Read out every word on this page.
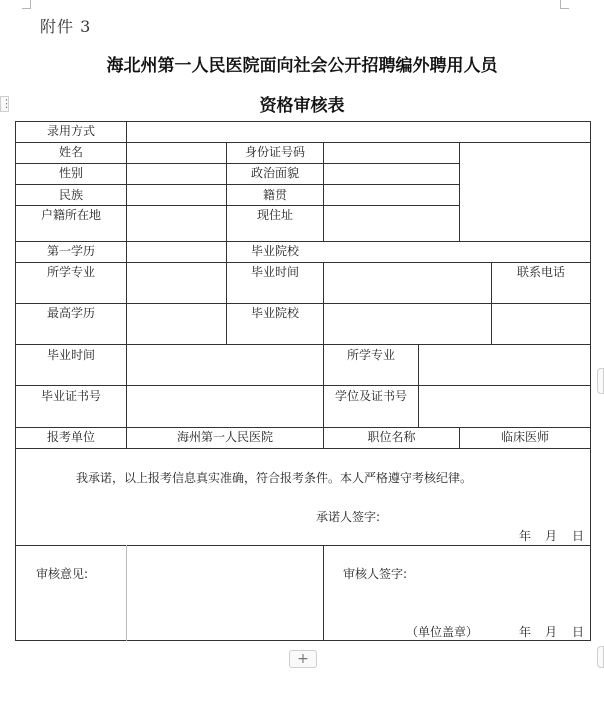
附件 3
海北州第一人民医院面向社会公开招聘编外聘用人员
资格审核表
⋮
录用方式
姓名	身份证号码
性别	政治面貌
民族	籍贯
户籍所在地	现住址
第一学历	毕业院校
所学专业	毕业时间	联系电话
最高学历	毕业院校
毕业时间	所学专业
毕业证书号	学位及证书号
报考单位	海州第一人民医院	职位名称	临床医师
我承诺，以上报考信息真实准确，符合报考条件。本人严格遵守考核纪律。
承诺人签字:
年 月 日
审核意见:	审核人签字:
（单位盖章）	年 月 日
+
